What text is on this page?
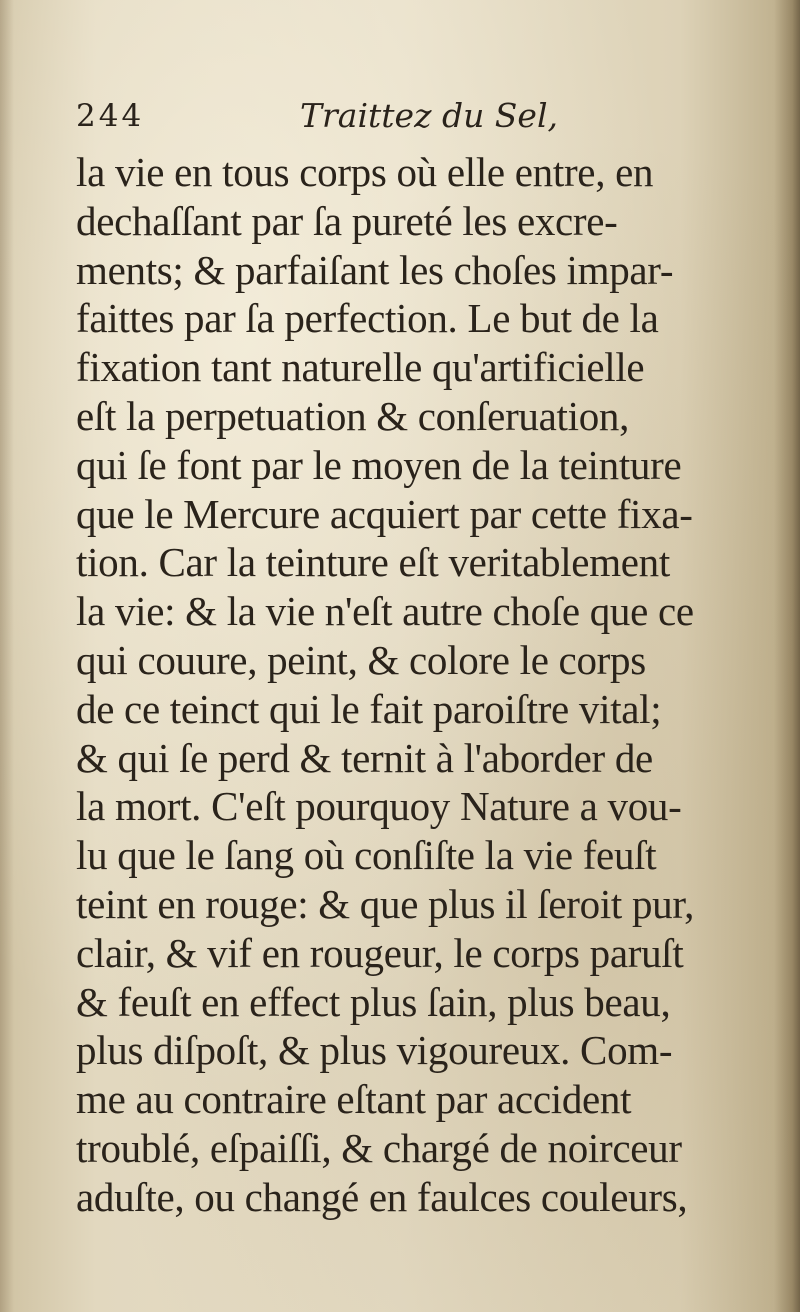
244	Traittez du Sel,
la vie en tous corps où elle entre, en
dechaſſant par ſa pureté les excre-
ments; & parfaiſant les choſes impar-
faittes par ſa perfection. Le but de la
fixation tant naturelle qu'artificielle
eſt la perpetuation & conſeruation,
qui ſe font par le moyen de la teinture
que le Mercure acquiert par cette fixa-
tion. Car la teinture eſt veritablement
la vie: & la vie n'eſt autre choſe que ce
qui couure, peint, & colore le corps
de ce teinct qui le fait paroiſtre vital;
& qui ſe perd & ternit à l'aborder de
la mort. C'eſt pourquoy Nature a vou-
lu que le ſang où conſiſte la vie feuſt
teint en rouge: & que plus il ſeroit pur,
clair, & vif en rougeur, le corps paruſt
& feuſt en effect plus ſain, plus beau,
plus diſpoſt, & plus vigoureux. Com-
me au contraire eſtant par accident
troublé, eſpaiſſi, & chargé de noirceur
aduſte, ou changé en faulces couleurs,
